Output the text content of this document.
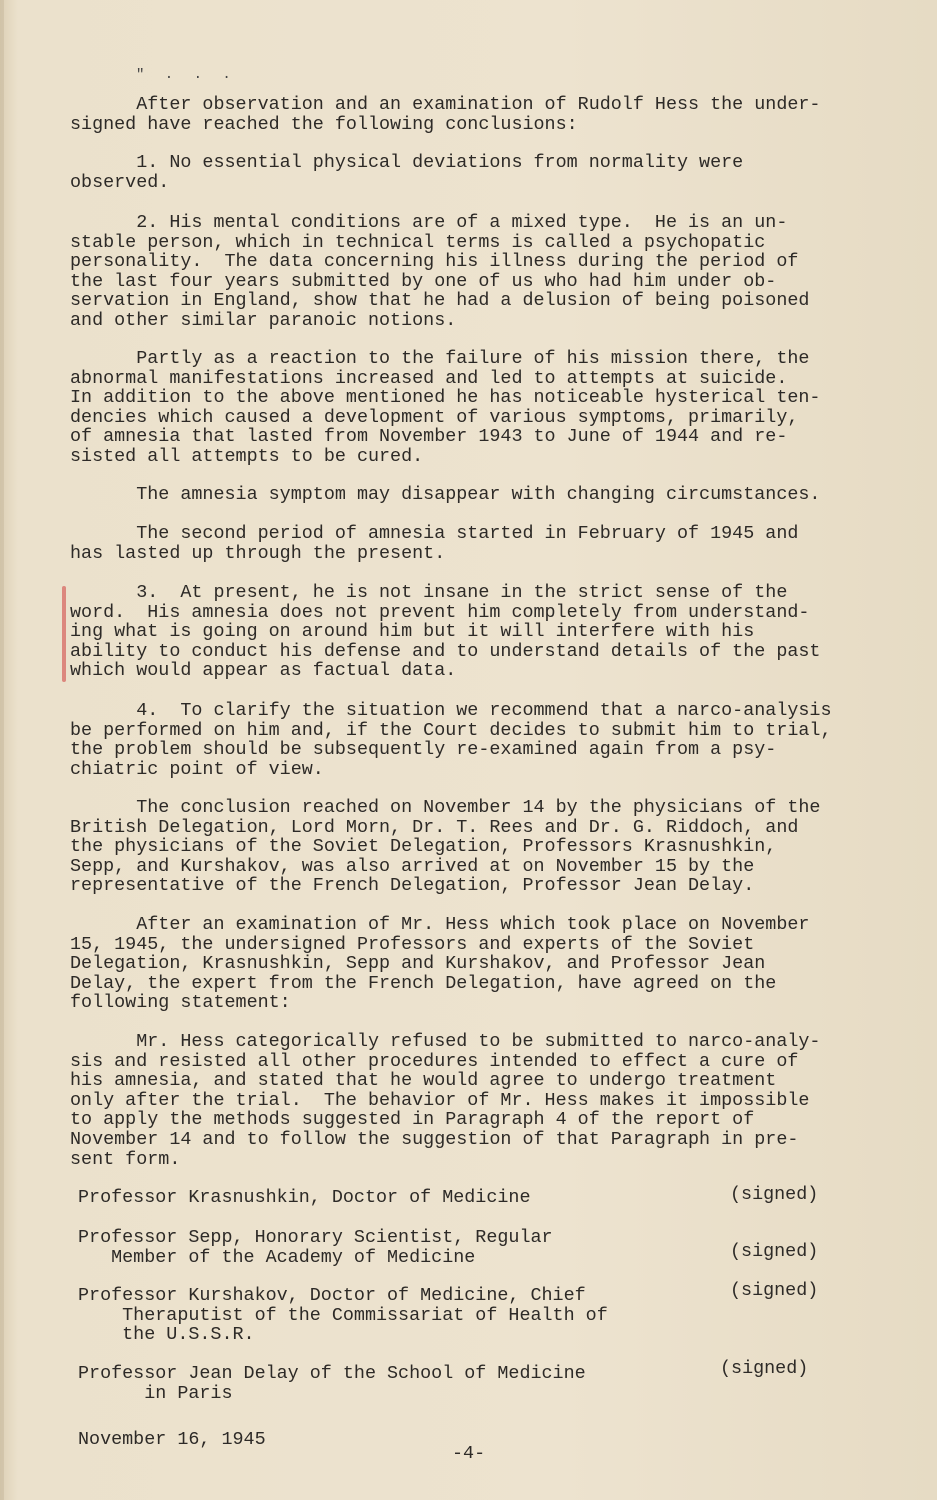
" . . .
After observation and an examination of Rudolf Hess the under-
signed have reached the following conclusions:
1. No essential physical deviations from normality were
observed.
2. His mental conditions are of a mixed type.  He is an un-
stable person, which in technical terms is called a psychopatic
personality.  The data concerning his illness during the period of
the last four years submitted by one of us who had him under ob-
servation in England, show that he had a delusion of being poisoned
and other similar paranoic notions.
Partly as a reaction to the failure of his mission there, the
abnormal manifestations increased and led to attempts at suicide.
In addition to the above mentioned he has noticeable hysterical ten-
dencies which caused a development of various symptoms, primarily,
of amnesia that lasted from November 1943 to June of 1944 and re-
sisted all attempts to be cured.
The amnesia symptom may disappear with changing circumstances.
The second period of amnesia started in February of 1945 and
has lasted up through the present.
3.  At present, he is not insane in the strict sense of the
word.  His amnesia does not prevent him completely from understand-
ing what is going on around him but it will interfere with his
ability to conduct his defense and to understand details of the past
which would appear as factual data.
4.  To clarify the situation we recommend that a narco-analysis
be performed on him and, if the Court decides to submit him to trial,
the problem should be subsequently re-examined again from a psy-
chiatric point of view.
The conclusion reached on November 14 by the physicians of the
British Delegation, Lord Morn, Dr. T. Rees and Dr. G. Riddoch, and
the physicians of the Soviet Delegation, Professors Krasnushkin,
Sepp, and Kurshakov, was also arrived at on November 15 by the
representative of the French Delegation, Professor Jean Delay.
After an examination of Mr. Hess which took place on November
15, 1945, the undersigned Professors and experts of the Soviet
Delegation, Krasnushkin, Sepp and Kurshakov, and Professor Jean
Delay, the expert from the French Delegation, have agreed on the
following statement:
Mr. Hess categorically refused to be submitted to narco-analy-
sis and resisted all other procedures intended to effect a cure of
his amnesia, and stated that he would agree to undergo treatment
only after the trial.  The behavior of Mr. Hess makes it impossible
to apply the methods suggested in Paragraph 4 of the report of
November 14 and to follow the suggestion of that Paragraph in pre-
sent form.
Professor Krasnushkin, Doctor of Medicine	(signed)
Professor Sepp, Honorary Scientist, Regular
Member of the Academy of Medicine	(signed)
Professor Kurshakov, Doctor of Medicine, Chief
Theraputist of the Commissariat of Health of
the U.S.S.R.
(signed)
Professor Jean Delay of the School of Medicine
in Paris
(signed)
November 16, 1945
-4-
